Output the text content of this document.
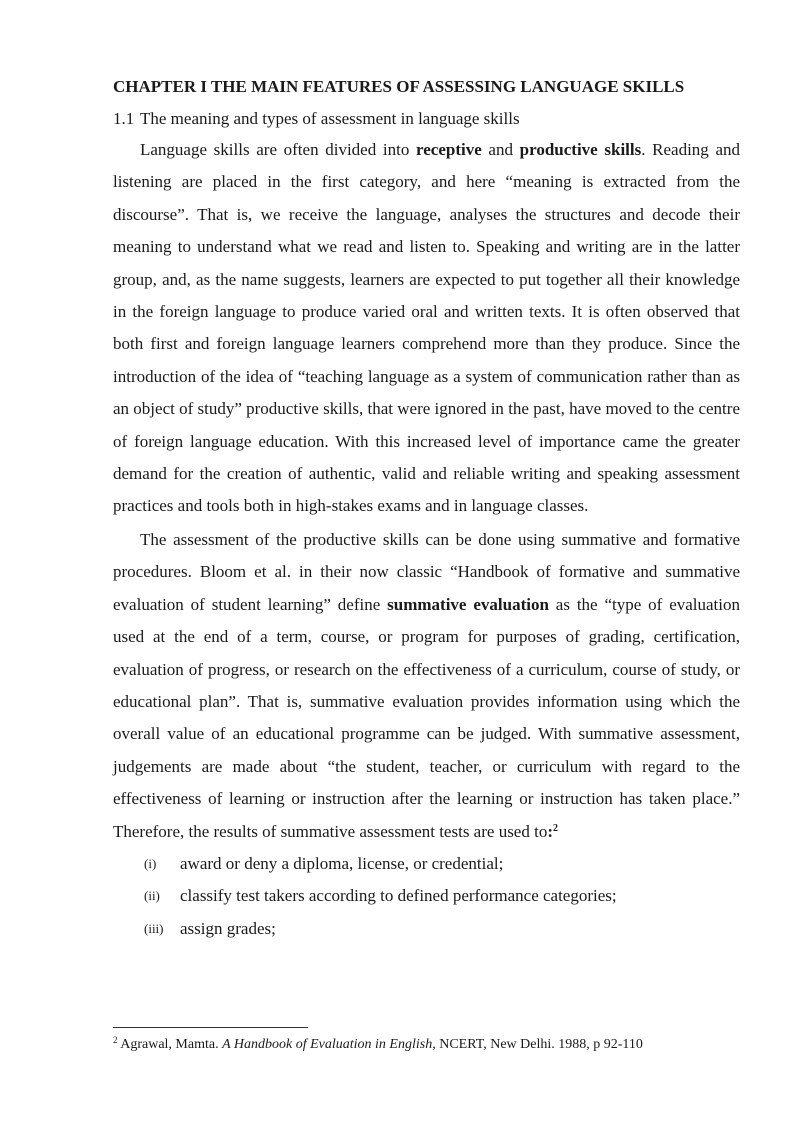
CHAPTER I THE MAIN FEATURES OF ASSESSING LANGUAGE SKILLS
1.1 The meaning and types of assessment in language skills

Language skills are often divided into receptive and productive skills. Reading and listening are placed in the first category, and here “meaning is extracted from the discourse”. That is, we receive the language, analyses the structures and decode their meaning to understand what we read and listen to. Speaking and writing are in the latter group, and, as the name suggests, learners are expected to put together all their knowledge in the foreign language to produce varied oral and written texts. It is often observed that both first and foreign language learners comprehend more than they produce. Since the introduction of the idea of “teaching language as a system of communication rather than as an object of study” productive skills, that were ignored in the past, have moved to the centre of foreign language education. With this increased level of importance came the greater demand for the creation of authentic, valid and reliable writing and speaking assessment practices and tools both in high-stakes exams and in language classes.

The assessment of the productive skills can be done using summative and formative procedures. Bloom et al. in their now classic “Handbook of formative and summative evaluation of student learning” define summative evaluation as the “type of evaluation used at the end of a term, course, or program for purposes of grading, certification, evaluation of progress, or research on the effectiveness of a curriculum, course of study, or educational plan”. That is, summative evaluation provides information using which the overall value of an educational programme can be judged. With summative assessment, judgements are made about “the student, teacher, or curriculum with regard to the effectiveness of learning or instruction after the learning or instruction has taken place.” Therefore, the results of summative assessment tests are used to:$^2$

(i)	award or deny a diploma, license, or credential;
(ii)	classify test takers according to defined performance categories;
(iii) assign grades;
$^2$ Agrawal, Mamta. A Handbook of Evaluation in English, NCERT, New Delhi. 1988, p 92-110
